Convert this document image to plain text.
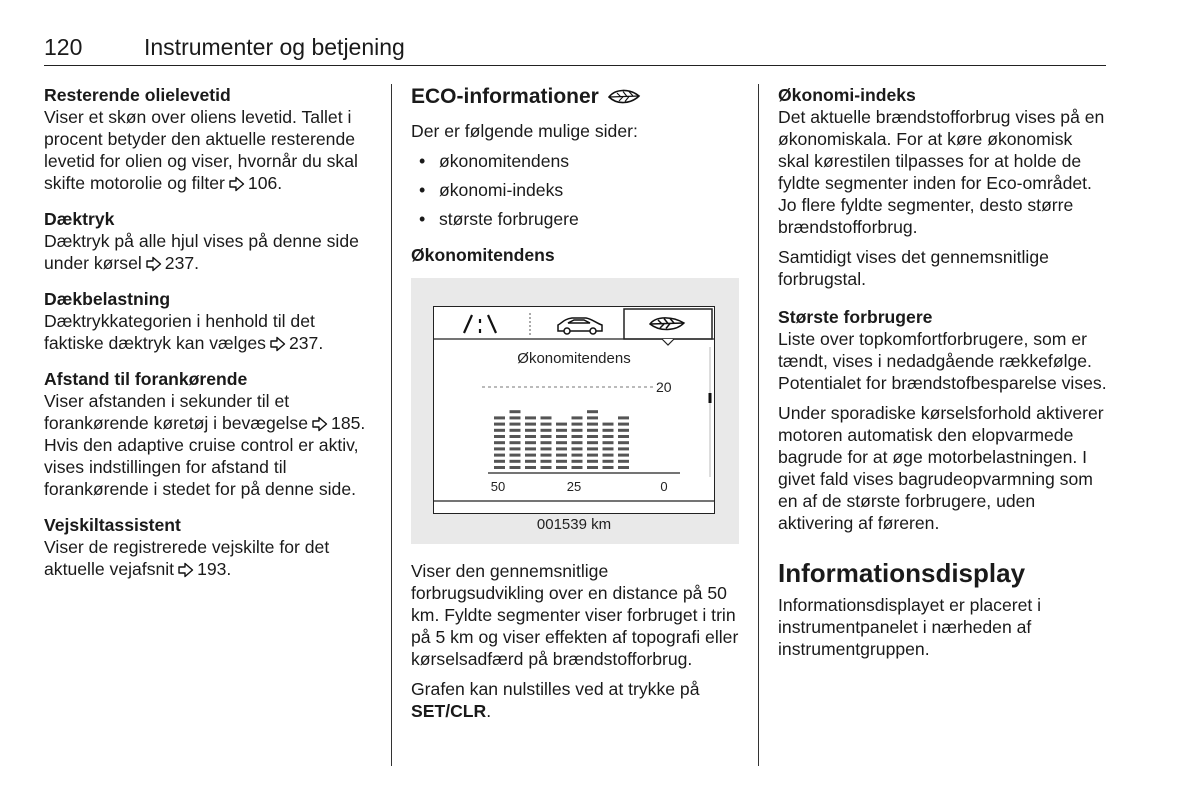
120	Instrumenter og betjening

Resterende olielevetid

Viser et skøn over oliens levetid. Tallet i procent betyder den aktuelle resterende levetid for olien og viser, hvornår du skal skifte motorolie og filter 106.

Dæktryk

Dæktryk på alle hjul vises på denne side under kørsel 237.

Dækbelastning

Dæktrykkategorien i henhold til det faktiske dæktryk kan vælges 237.

Afstand til forankørende

Viser afstanden i sekunder til et forankørende køretøj i bevægelse 185. Hvis den adaptive cruise control er aktiv, vises indstillingen for afstand til forankørende i stedet for på denne side.

Vejskiltassistent

Viser de registrerede vejskilte for det aktuelle vejafsnit 193.

ECO-informationer

Der er følgende mulige sider:

• økonomitendens
• økonomi-indeks
• største forbrugere

Økonomitendens

Økonomitendens
20
50	25	0
001539 km

Viser den gennemsnitlige forbrugsudvikling over en distance på 50 km. Fyldte segmenter viser forbruget i trin på 5 km og viser effekten af topografi eller kørselsadfærd på brændstofforbrug.

Grafen kan nulstilles ved at trykke på SET/CLR.

Økonomi-indeks

Det aktuelle brændstofforbrug vises på en økonomiskala. For at køre økonomisk skal kørestilen tilpasses for at holde de fyldte segmenter inden for Eco-området. Jo flere fyldte segmenter, desto større brændstofforbrug.

Samtidigt vises det gennemsnitlige forbrugstal.

Største forbrugere

Liste over topkomfortforbrugere, som er tændt, vises i nedadgående rækkefølge. Potentialet for brændstofbesparelse vises.

Under sporadiske kørselsforhold aktiverer motoren automatisk den elopvarmede bagrude for at øge motorbelastningen. I givet fald vises bagrudeopvarmning som en af de største forbrugere, uden aktivering af føreren.

Informationsdisplay

Informationsdisplayet er placeret i instrumentpanelet i nærheden af instrumentgruppen.
